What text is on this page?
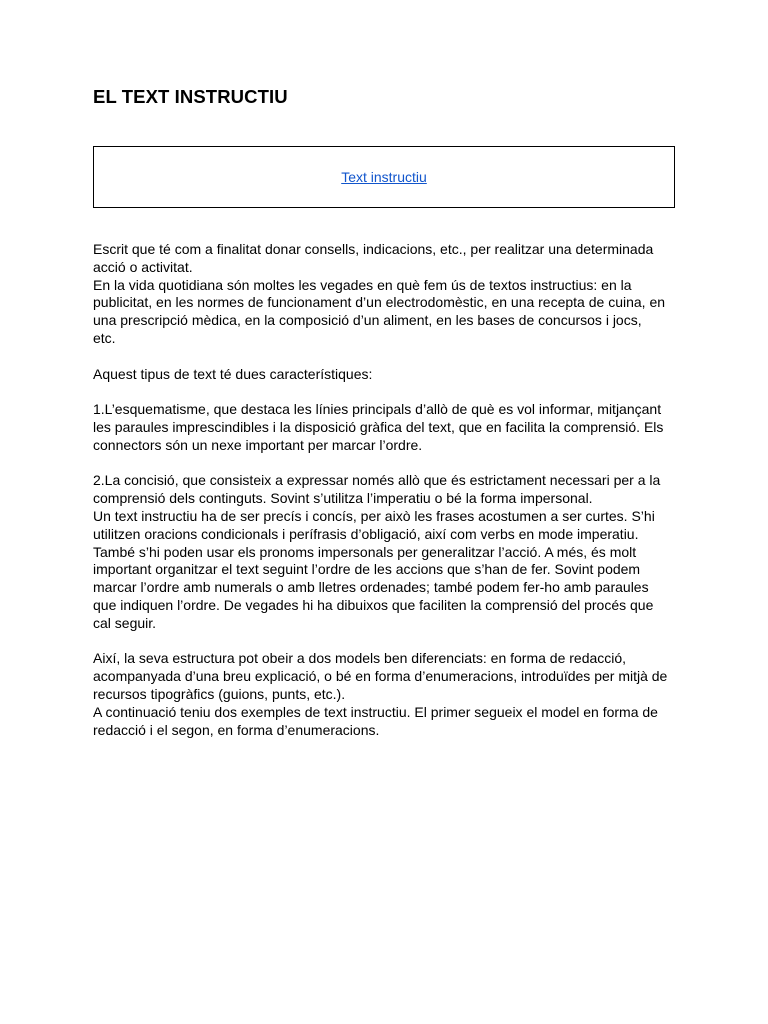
EL TEXT INSTRUCTIU
Text instructiu

Escrit que té com a finalitat donar consells, indicacions, etc., per realitzar una determinada

acció o activitat.

En la vida quotidiana són moltes les vegades en què fem ús de textos instructius: en la

publicitat, en les normes de funcionament d’un electrodomèstic, en una recepta de cuina, en

una prescripció mèdica, en la composició d’un aliment, en les bases de concursos i jocs,

etc.

Aquest tipus de text té dues característiques:

1.L’esquematisme, que destaca les línies principals d’allò de què es vol informar, mitjançant

les paraules imprescindibles i la disposició gràfica del text, que en facilita la comprensió. Els

connectors són un nexe important per marcar l’ordre.

2.La concisió, que consisteix a expressar només allò que és estrictament necessari per a la

comprensió dels continguts. Sovint s’utilitza l’imperatiu o bé la forma impersonal.

Un text instructiu ha de ser precís i concís, per això les frases acostumen a ser curtes. S’hi

utilitzen oracions condicionals i perífrasis d’obligació, així com verbs en mode imperatiu.

També s’hi poden usar els pronoms impersonals per generalitzar l’acció. A més, és molt

important organitzar el text seguint l’ordre de les accions que s’han de fer. Sovint podem

marcar l’ordre amb numerals o amb lletres ordenades; també podem fer-ho amb paraules

que indiquen l’ordre. De vegades hi ha dibuixos que faciliten la comprensió del procés que

cal seguir.

Així, la seva estructura pot obeir a dos models ben diferenciats: en forma de redacció,

acompanyada d’una breu explicació, o bé en forma d’enumeracions, introduïdes per mitjà de

recursos tipogràfics (guions, punts, etc.).

A continuació teniu dos exemples de text instructiu. El primer segueix el model en forma de

redacció i el segon, en forma d’enumeracions.
